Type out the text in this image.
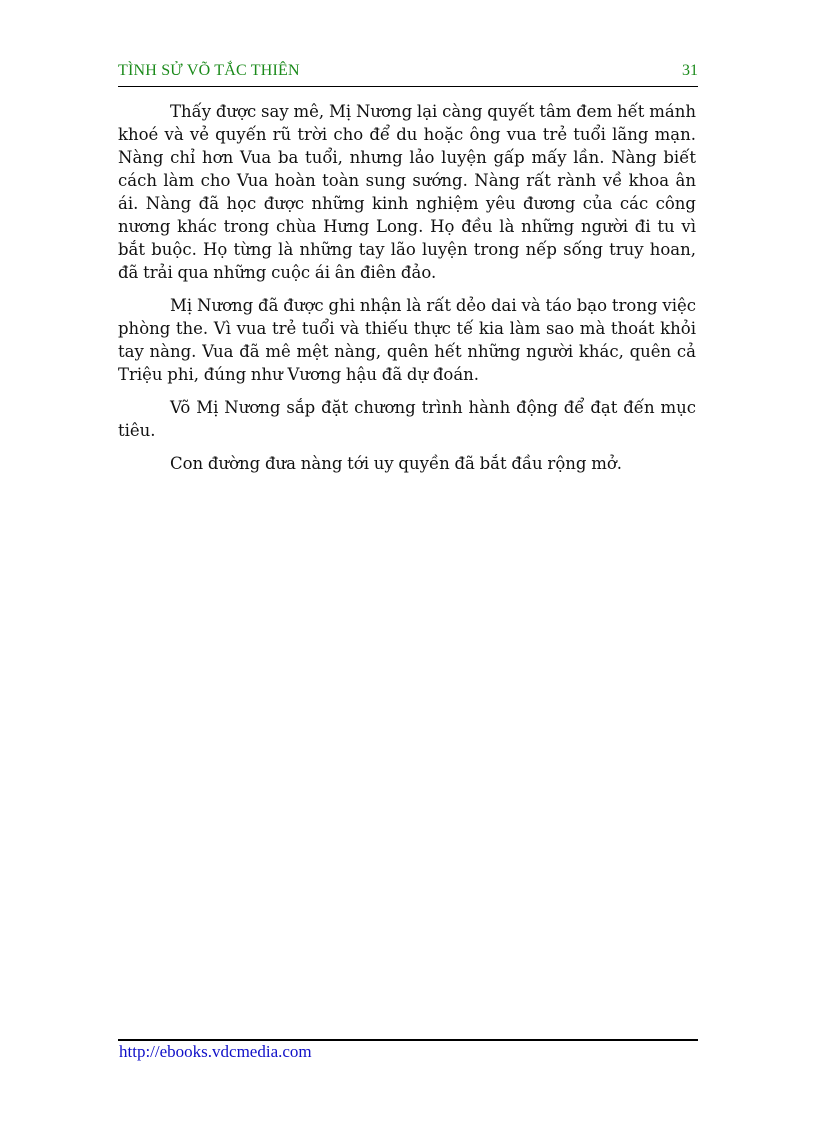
TÌNH SỬ VÕ TẮC THIÊN	31

Thấy được say mê, Mị Nương lại càng quyết tâm đem hết mánh khoé và vẻ quyến rũ trời cho để du hoặc ông vua trẻ tuổi lãng mạn. Nàng chỉ hơn Vua ba tuổi, nhưng lảo luyện gấp mấy lần. Nàng biết cách làm cho Vua hoàn toàn sung sướng. Nàng rất rành về khoa ân ái. Nàng đã học được những kinh nghiệm yêu đương của các công nương khác trong chùa Hưng Long. Họ đều là những người đi tu vì bắt buộc. Họ từng là những tay lão luyện trong nếp sống truy hoan, đã trải qua những cuộc ái ân điên đảo.

Mị Nương đã được ghi nhận là rất dẻo dai và táo bạo trong việc phòng the. Vì vua trẻ tuổi và thiếu thực tế kia làm sao mà thoát khỏi tay nàng. Vua đã mê mệt nàng, quên hết những người khác, quên cả Triệu phi, đúng như Vương hậu đã dự đoán.

Võ Mị Nương sắp đặt chương trình hành động để đạt đến mục tiêu.

Con đường đưa nàng tới uy quyền đã bắt đầu rộng mở.

http://ebooks.vdcmedia.com
